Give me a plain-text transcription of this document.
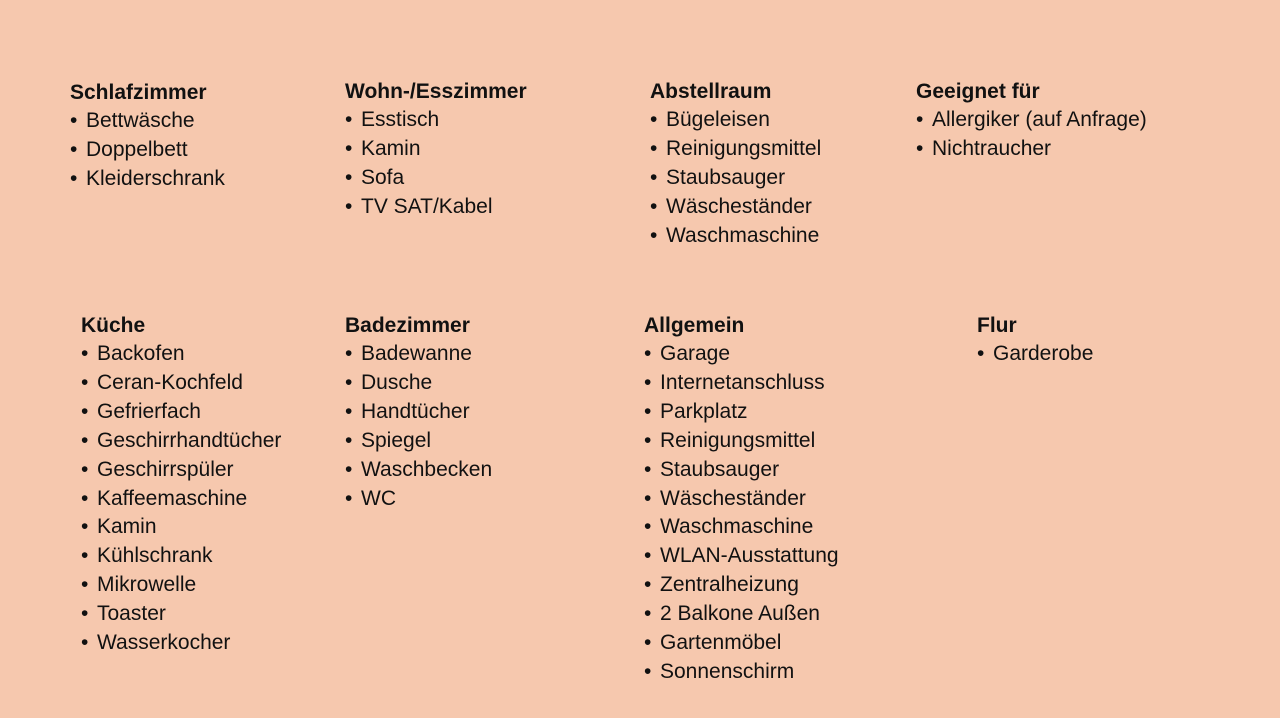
Schlafzimmer
• Bettwäsche
• Doppelbett
• Kleiderschrank
Wohn-/Esszimmer
• Esstisch
• Kamin
• Sofa
• TV SAT/Kabel
Abstellraum
• Bügeleisen
• Reinigungsmittel
• Staubsauger
• Wäscheständer
• Waschmaschine
Geeignet für
• Allergiker (auf Anfrage)
• Nichtraucher
Küche
• Backofen
• Ceran-Kochfeld
• Gefrierfach
• Geschirrhandtücher
• Geschirrspüler
• Kaffeemaschine
• Kamin
• Kühlschrank
• Mikrowelle
• Toaster
• Wasserkocher
Badezimmer
• Badewanne
• Dusche
• Handtücher
• Spiegel
• Waschbecken
• WC
Allgemein
• Garage
• Internetanschluss
• Parkplatz
• Reinigungsmittel
• Staubsauger
• Wäscheständer
• Waschmaschine
• WLAN-Ausstattung
• Zentralheizung
• 2 Balkone Außen
• Gartenmöbel
• Sonnenschirm
Flur
• Garderobe
